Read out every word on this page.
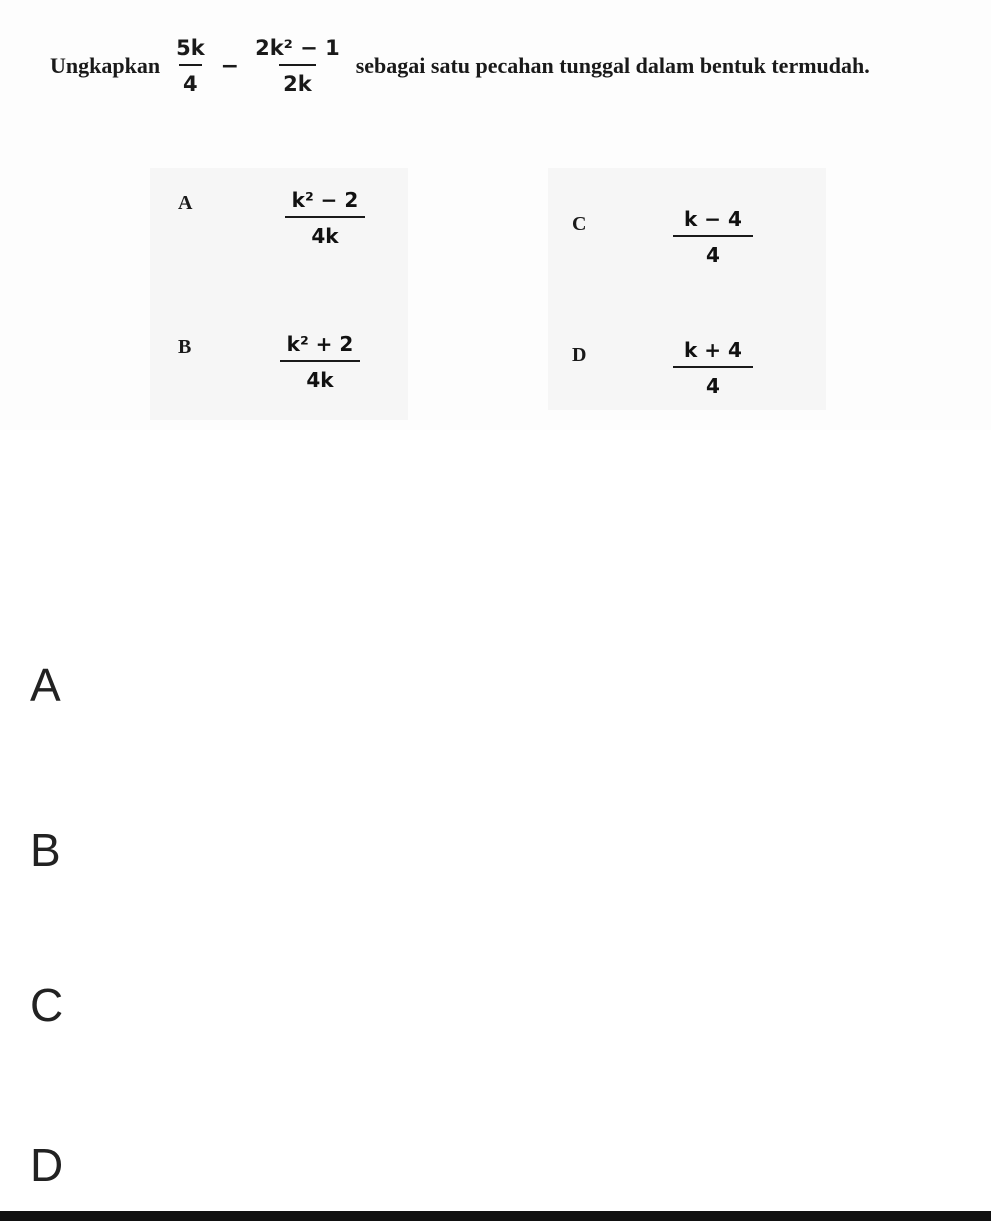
Ungkapkan $\frac{5k}{4} - \frac{\text{2k² − 1}}{2k}$ sebagai satu pecahan tunggal dalam bentuk termudah.
A	$\frac{\text{k² − 2}}{4k}$
B	$\frac{\text{k² + 2}}{4k}$
C	$\frac{k - 4}{4}$
D	$\frac{k + 4}{4}$
A
B
C
D
